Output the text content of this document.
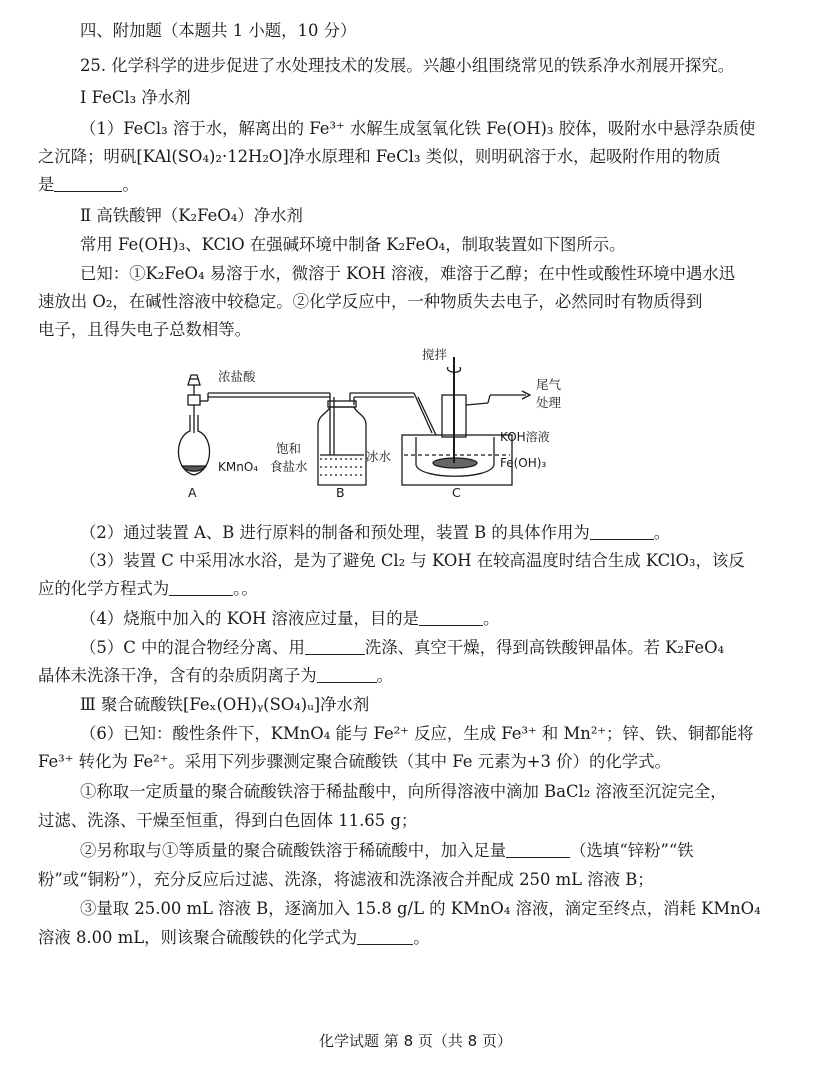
四、附加题（本题共 1 小题，10 分）
25. 化学科学的进步促进了水处理技术的发展。兴趣小组围绕常见的铁系净水剂展开探究。
Ⅰ FeCl₃ 净水剂
（1）FeCl₃ 溶于水，解离出的 Fe³⁺ 水解生成氢氧化铁 Fe(OH)₃ 胶体，吸附水中悬浮杂质使
之沉降；明矾[KAl(SO₄)₂·12H₂O]净水原理和 FeCl₃ 类似，则明矾溶于水，起吸附作用的物质
是	。
Ⅱ 高铁酸钾（K₂FeO₄）净水剂
常用 Fe(OH)₃、KClO 在强碱环境中制备 K₂FeO₄，制取装置如下图所示。
已知：①K₂FeO₄ 易溶于水，微溶于 KOH 溶液，难溶于乙醇；在中性或酸性环境中遇水迅
速放出 O₂，在碱性溶液中较稳定。②化学反应中，一种物质失去电子，必然同时有物质得到
电子，且得失电子总数相等。
浓盐酸
KMnO₄
饱和
食盐水
冰水
搅拌
尾气
处理
KOH溶液
Fe(OH)₃
A	B	C
（2）通过装置 A、B 进行原料的制备和预处理，装置 B 的具体作用为	。
（3）装置 C 中采用冰水浴，是为了避免 Cl₂ 与 KOH 在较高温度时结合生成 KClO₃，该反
应的化学方程式为	。。
（4）烧瓶中加入的 KOH 溶液应过量，目的是	。
（5）C 中的混合物经分离、用	洗涤、真空干燥，得到高铁酸钾晶体。若 K₂FeO₄
晶体未洗涤干净，含有的杂质阴离子为	。
Ⅲ 聚合硫酸铁[Feₓ(OH)ᵧ(SO₄)ᵤ]净水剂
（6）已知：酸性条件下，KMnO₄ 能与 Fe²⁺ 反应，生成 Fe³⁺ 和 Mn²⁺；锌、铁、铜都能将
Fe³⁺ 转化为 Fe²⁺。采用下列步骤测定聚合硫酸铁（其中 Fe 元素为+3 价）的化学式。
①称取一定质量的聚合硫酸铁溶于稀盐酸中，向所得溶液中滴加 BaCl₂ 溶液至沉淀完全，
过滤、洗涤、干燥至恒重，得到白色固体 11.65 g；
②另称取与①等质量的聚合硫酸铁溶于稀硫酸中，加入足量	（选填“锌粉”“铁
粉”或“铜粉”），充分反应后过滤、洗涤，将滤液和洗涤液合并配成 250 mL 溶液 B；
③量取 25.00 mL 溶液 B，逐滴加入 15.8 g/L 的 KMnO₄ 溶液，滴定至终点，消耗 KMnO₄
溶液 8.00 mL，则该聚合硫酸铁的化学式为	。
化学试题 第 8 页（共 8 页）
